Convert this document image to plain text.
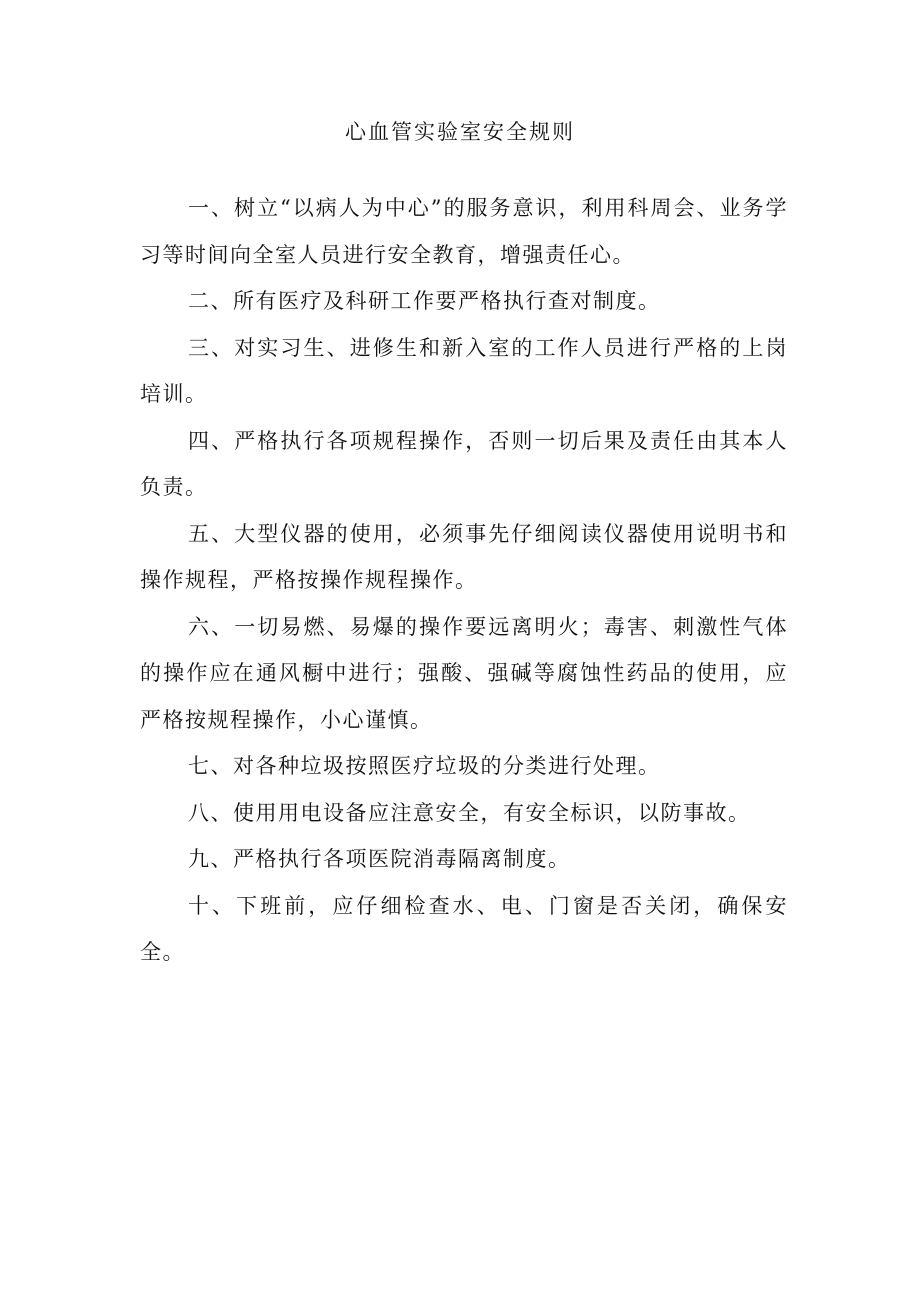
心血管实验室安全规则

一、树立“以病人为中心”的服务意识，利用科周会、业务学习等时间向全室人员进行安全教育，增强责任心。

二、所有医疗及科研工作要严格执行查对制度。

三、对实习生、进修生和新入室的工作人员进行严格的上岗培训。

四、严格执行各项规程操作，否则一切后果及责任由其本人负责。

五、大型仪器的使用，必须事先仔细阅读仪器使用说明书和操作规程，严格按操作规程操作。

六、一切易燃、易爆的操作要远离明火；毒害、刺激性气体的操作应在通风橱中进行；强酸、强碱等腐蚀性药品的使用，应严格按规程操作，小心谨慎。

七、对各种垃圾按照医疗垃圾的分类进行处理。

八、使用用电设备应注意安全，有安全标识，以防事故。

九、严格执行各项医院消毒隔离制度。

十、下班前，应仔细检查水、电、门窗是否关闭，确保安全。
